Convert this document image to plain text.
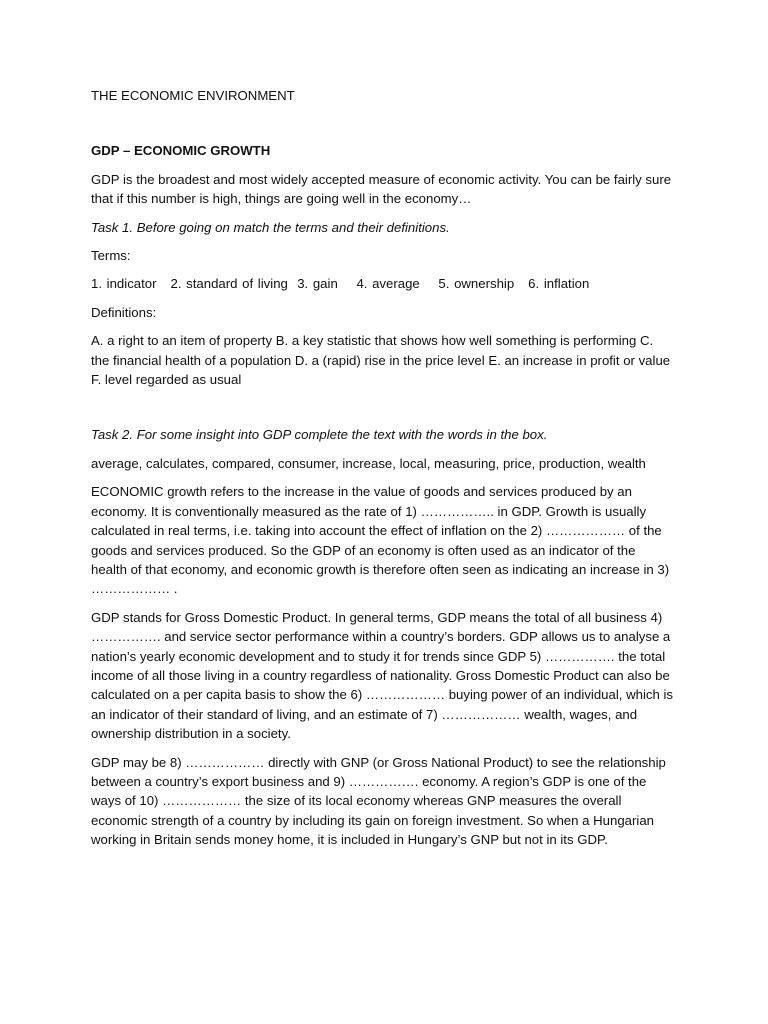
THE ECONOMIC ENVIRONMENT

GDP – ECONOMIC GROWTH

GDP is the broadest and most widely accepted measure of economic activity. You can be fairly sure that if this number is high, things are going well in the economy…

Task 1. Before going on match the terms and their definitions.

Terms:

1. indicator   2. standard of living  3. gain    4. average    5. ownership   6. inflation

Definitions:

A. a right to an item of property B. a key statistic that shows how well something is performing C. the financial health of a population D. a (rapid) rise in the price level E. an increase in profit or value F. level regarded as usual

Task 2. For some insight into GDP complete the text with the words in the box.

average, calculates, compared, consumer, increase, local, measuring, price, production, wealth

ECONOMIC growth refers to the increase in the value of goods and services produced by an economy. It is conventionally measured as the rate of 1) …………….. in GDP. Growth is usually calculated in real terms, i.e. taking into account the effect of inflation on the 2) ……………… of the goods and services produced. So the GDP of an economy is often used as an indicator of the health of that economy, and economic growth is therefore often seen as indicating an increase in 3) ……………… .

GDP stands for Gross Domestic Product. In general terms, GDP means the total of all business 4) ……………. and service sector performance within a country’s borders. GDP allows us to analyse a nation’s yearly economic development and to study it for trends since GDP 5) ……………. the total income of all those living in a country regardless of nationality. Gross Domestic Product can also be calculated on a per capita basis to show the 6) ……………… buying power of an individual, which is an indicator of their standard of living, and an estimate of 7) ……………… wealth, wages, and ownership distribution in a society.

GDP may be 8) ……………… directly with GNP (or Gross National Product) to see the relationship between a country’s export business and 9) ……………. economy. A region’s GDP is one of the ways of 10) ……………… the size of its local economy whereas GNP measures the overall economic strength of a country by including its gain on foreign investment. So when a Hungarian working in Britain sends money home, it is included in Hungary’s GNP but not in its GDP.
